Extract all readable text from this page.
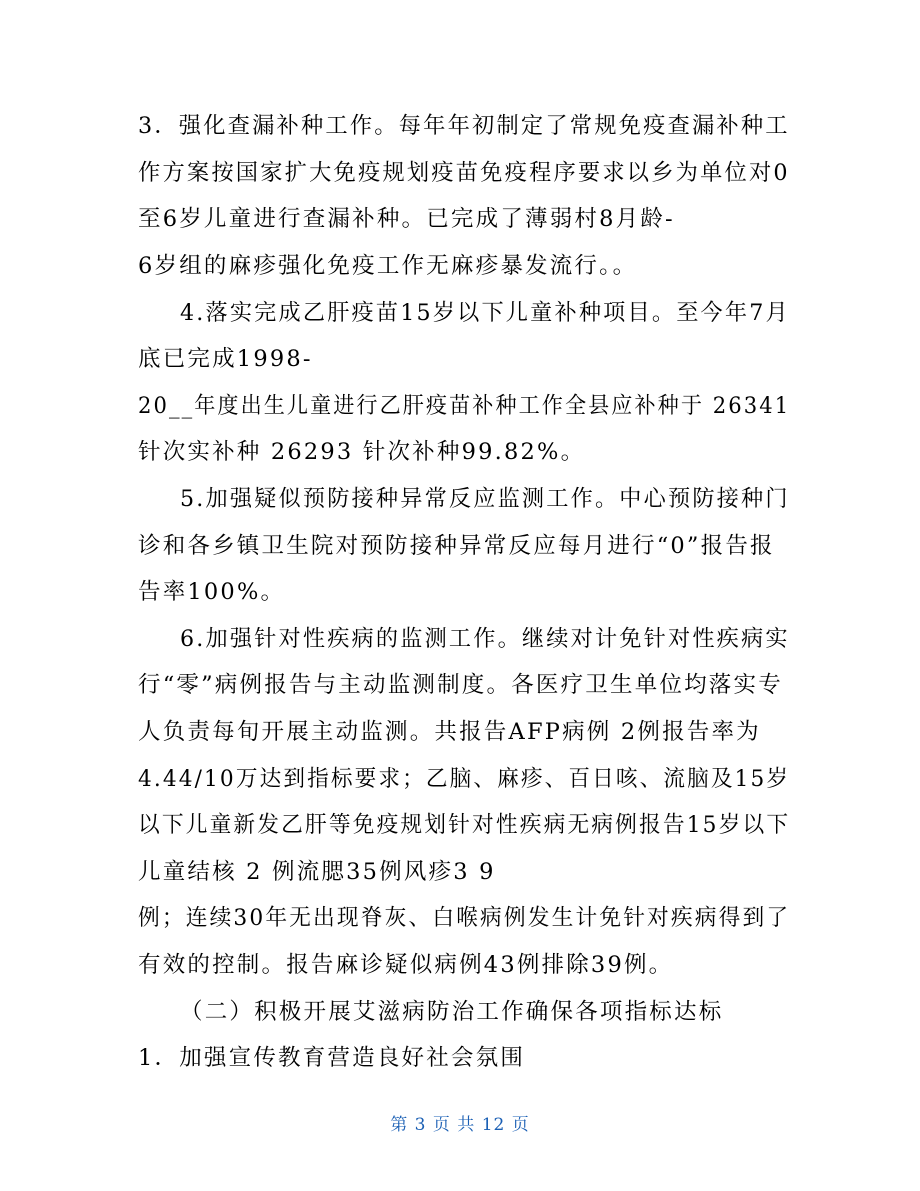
3．强化查漏补种工作。每年年初制定了常规免疫查漏补种工
作方案按国家扩大免疫规划疫苗免疫程序要求以乡为单位对0
至6岁儿童进行查漏补种。已完成了薄弱村8月龄-
6岁组的麻疹强化免疫工作无麻疹暴发流行。。
4.落实完成乙肝疫苗15岁以下儿童补种项目。至今年7月
底已完成1998-
20__年度出生儿童进行乙肝疫苗补种工作全县应补种于 26341
针次实补种 26293 针次补种99.82%。
5.加强疑似预防接种异常反应监测工作。中心预防接种门
诊和各乡镇卫生院对预防接种异常反应每月进行“0”报告报
告率100%。
6.加强针对性疾病的监测工作。继续对计免针对性疾病实
行“零”病例报告与主动监测制度。各医疗卫生单位均落实专
人负责每旬开展主动监测。共报告AFP病例 2例报告率为
4.44/10万达到指标要求；乙脑、麻疹、百日咳、流脑及15岁
以下儿童新发乙肝等免疫规划针对性疾病无病例报告15岁以下
儿童结核 2 例流腮35例风疹3 9
例；连续30年无出现脊灰、白喉病例发生计免针对疾病得到了
有效的控制。报告麻诊疑似病例43例排除39例。
（二）积极开展艾滋病防治工作确保各项指标达标
1．加强宣传教育营造良好社会氛围
第 3 页 共 12 页
